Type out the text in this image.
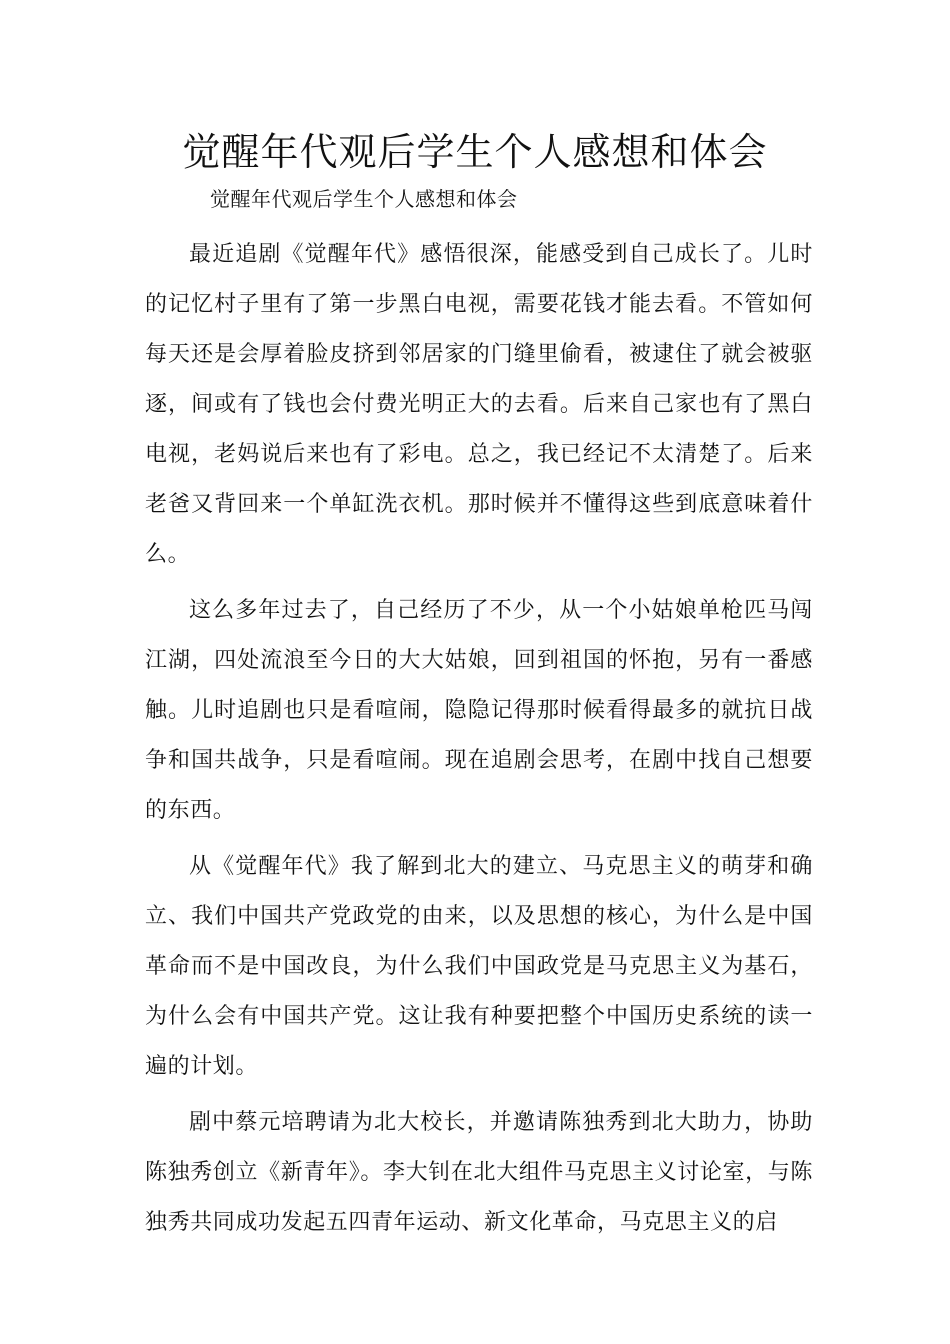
觉醒年代观后学生个人感想和体会

觉醒年代观后学生个人感想和体会

最近追剧《觉醒年代》感悟很深，能感受到自己成长了。儿时的记忆村子里有了第一步黑白电视，需要花钱才能去看。不管如何每天还是会厚着脸皮挤到邻居家的门缝里偷看，被逮住了就会被驱逐，间或有了钱也会付费光明正大的去看。后来自己家也有了黑白电视，老妈说后来也有了彩电。总之，我已经记不太清楚了。后来老爸又背回来一个单缸洗衣机。那时候并不懂得这些到底意味着什么。

这么多年过去了，自己经历了不少，从一个小姑娘单枪匹马闯江湖，四处流浪至今日的大大姑娘，回到祖国的怀抱，另有一番感触。儿时追剧也只是看喧闹，隐隐记得那时候看得最多的就抗日战争和国共战争，只是看喧闹。现在追剧会思考，在剧中找自己想要的东西。

从《觉醒年代》我了解到北大的建立、马克思主义的萌芽和确立、我们中国共产党政党的由来，以及思想的核心，为什么是中国革命而不是中国改良，为什么我们中国政党是马克思主义为基石，为什么会有中国共产党。这让我有种要把整个中国历史系统的读一遍的计划。

剧中蔡元培聘请为北大校长，并邀请陈独秀到北大助力，协助陈独秀创立《新青年》。李大钊在北大组件马克思主义讨论室，与陈独秀共同成功发起五四青年运动、新文化革命，马克思主义的启
